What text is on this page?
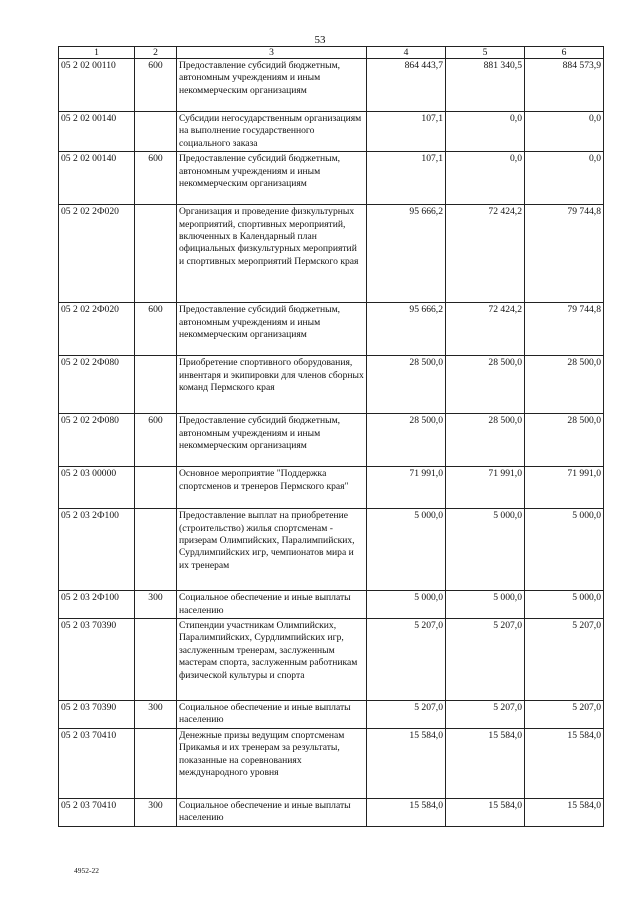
53
1	2	3	4	5	6
05 2 02 00110	600	Предоставление субсидий бюджетным, автономным учреждениям и иным некоммерческим организациям	864 443,7	881 340,5	884 573,9
05 2 02 00140		Субсидии негосударственным организациям на выполнение государственного социального заказа	107,1	0,0	0,0
05 2 02 00140	600	Предоставление субсидий бюджетным, автономным учреждениям и иным некоммерческим организациям	107,1	0,0	0,0
05 2 02 2Ф020		Организация и проведение физкультурных мероприятий, спортивных мероприятий, включенных в Календарный план официальных физкультурных мероприятий и спортивных мероприятий Пермского края	95 666,2	72 424,2	79 744,8
05 2 02 2Ф020	600	Предоставление субсидий бюджетным, автономным учреждениям и иным некоммерческим организациям	95 666,2	72 424,2	79 744,8
05 2 02 2Ф080		Приобретение спортивного оборудования, инвентаря и экипировки для членов сборных команд Пермского края	28 500,0	28 500,0	28 500,0
05 2 02 2Ф080	600	Предоставление субсидий бюджетным, автономным учреждениям и иным некоммерческим организациям	28 500,0	28 500,0	28 500,0
05 2 03 00000		Основное мероприятие "Поддержка спортсменов и тренеров Пермского края"	71 991,0	71 991,0	71 991,0
05 2 03 2Ф100		Предоставление выплат на приобретение (строительство) жилья спортсменам - призерам Олимпийских, Паралимпийских, Сурдлимпийских игр, чемпионатов мира и их тренерам	5 000,0	5 000,0	5 000,0
05 2 03 2Ф100	300	Социальное обеспечение и иные выплаты населению	5 000,0	5 000,0	5 000,0
05 2 03 70390		Стипендии участникам Олимпийских, Паралимпийских, Сурдлимпийских игр, заслуженным тренерам, заслуженным мастерам спорта, заслуженным работникам физической культуры и спорта	5 207,0	5 207,0	5 207,0
05 2 03 70390	300	Социальное обеспечение и иные выплаты населению	5 207,0	5 207,0	5 207,0
05 2 03 70410		Денежные призы ведущим спортсменам Прикамья и их тренерам за результаты, показанные на соревнованиях международного уровня	15 584,0	15 584,0	15 584,0
05 2 03 70410	300	Социальное обеспечение и иные выплаты населению	15 584,0	15 584,0	15 584,0
4952-22
